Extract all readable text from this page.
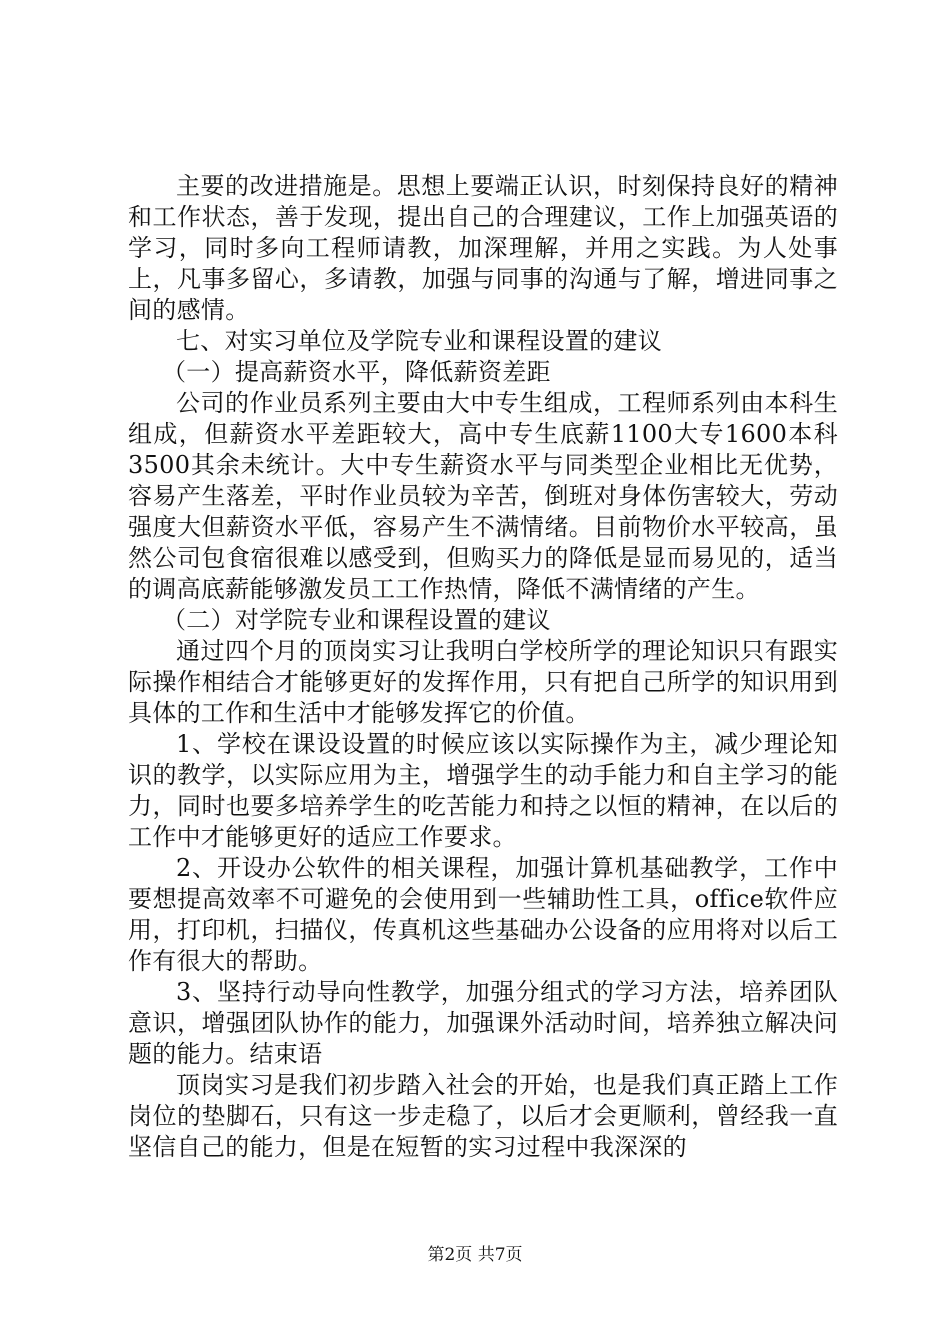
主要的改进措施是。思想上要端正认识，时刻保持良好的精神和工作状态，善于发现，提出自己的合理建议，工作上加强英语的学习，同时多向工程师请教，加深理解，并用之实践。为人处事上，凡事多留心，多请教，加强与同事的沟通与了解，增进同事之间的感情。

七、对实习单位及学院专业和课程设置的建议

（一）提高薪资水平，降低薪资差距

公司的作业员系列主要由大中专生组成，工程师系列由本科生组成，但薪资水平差距较大，高中专生底薪1100大专1600本科3500其余未统计。大中专生薪资水平与同类型企业相比无优势，容易产生落差，平时作业员较为辛苦，倒班对身体伤害较大，劳动强度大但薪资水平低，容易产生不满情绪。目前物价水平较高，虽然公司包食宿很难以感受到，但购买力的降低是显而易见的，适当的调高底薪能够激发员工工作热情，降低不满情绪的产生。

（二）对学院专业和课程设置的建议

通过四个月的顶岗实习让我明白学校所学的理论知识只有跟实际操作相结合才能够更好的发挥作用，只有把自己所学的知识用到具体的工作和生活中才能够发挥它的价值。

1、学校在课设设置的时候应该以实际操作为主，减少理论知识的教学，以实际应用为主，增强学生的动手能力和自主学习的能力，同时也要多培养学生的吃苦能力和持之以恒的精神，在以后的工作中才能够更好的适应工作要求。

2、开设办公软件的相关课程，加强计算机基础教学，工作中要想提高效率不可避免的会使用到一些辅助性工具，office软件应用，打印机，扫描仪，传真机这些基础办公设备的应用将对以后工作有很大的帮助。

3、坚持行动导向性教学，加强分组式的学习方法，培养团队意识，增强团队协作的能力，加强课外活动时间，培养独立解决问题的能力。结束语

顶岗实习是我们初步踏入社会的开始，也是我们真正踏上工作岗位的垫脚石，只有这一步走稳了，以后才会更顺利，曾经我一直坚信自己的能力，但是在短暂的实习过程中我深深的

第2页 共7页
